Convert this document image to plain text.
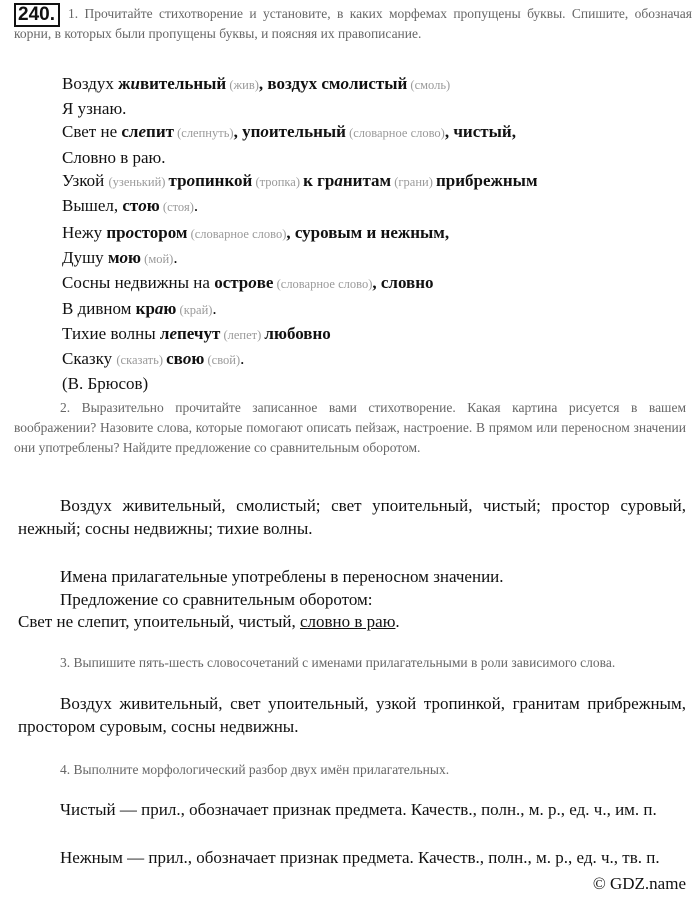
240. 1. Прочитайте стихотворение и установите, в каких морфемах пропущены буквы. Спишите, обозначая корни, в которых были пропущены буквы, и поясняя их правописание.
Воздух живительный (жив), воздух смолистый (смоль)
Я узнаю.
Свет не слепит (слепнуть), упоительный (словарное слово), чистый,
Словно в раю.
Узкой (узенький) тропинкой (тропка) к гранитам (грани) прибрежным
Вышел, стою (стоя).
Нежу простором (словарное слово), суровым и нежным,
Душу мою (мой).
Сосны недвижны на острове (словарное слово), словно
В дивном краю (край).
Тихие волны лепечут (лепет) любовно
Сказку (сказать) свою (свой).
(В. Брюсов)
2. Выразительно прочитайте записанное вами стихотворение. Какая картина рисуется в вашем воображении? Назовите слова, которые помогают описать пейзаж, настроение. В прямом или переносном значении они употреблены? Найдите предложение со сравнительным оборотом.
Воздух живительный, смолистый; свет упоительный, чистый; простор суровый, нежный; сосны недвижны; тихие волны.
Имена прилагательные употреблены в переносном значении.
Предложение со сравнительным оборотом:
Свет не слепит, упоительный, чистый, словно в раю.
3. Выпишите пять-шесть словосочетаний с именами прилагательными в роли зависимого слова.
Воздух живительный, свет упоительный, узкой тропинкой, гранитам прибрежным, простором суровым, сосны недвижны.
4. Выполните морфологический разбор двух имён прилагательных.
Чистый — прил., обозначает признак предмета. Качеств., полн., м. р., ед. ч., им. п.
Нежным — прил., обозначает признак предмета. Качеств., полн., м. р., ед. ч., тв. п.
© GDZ.name
